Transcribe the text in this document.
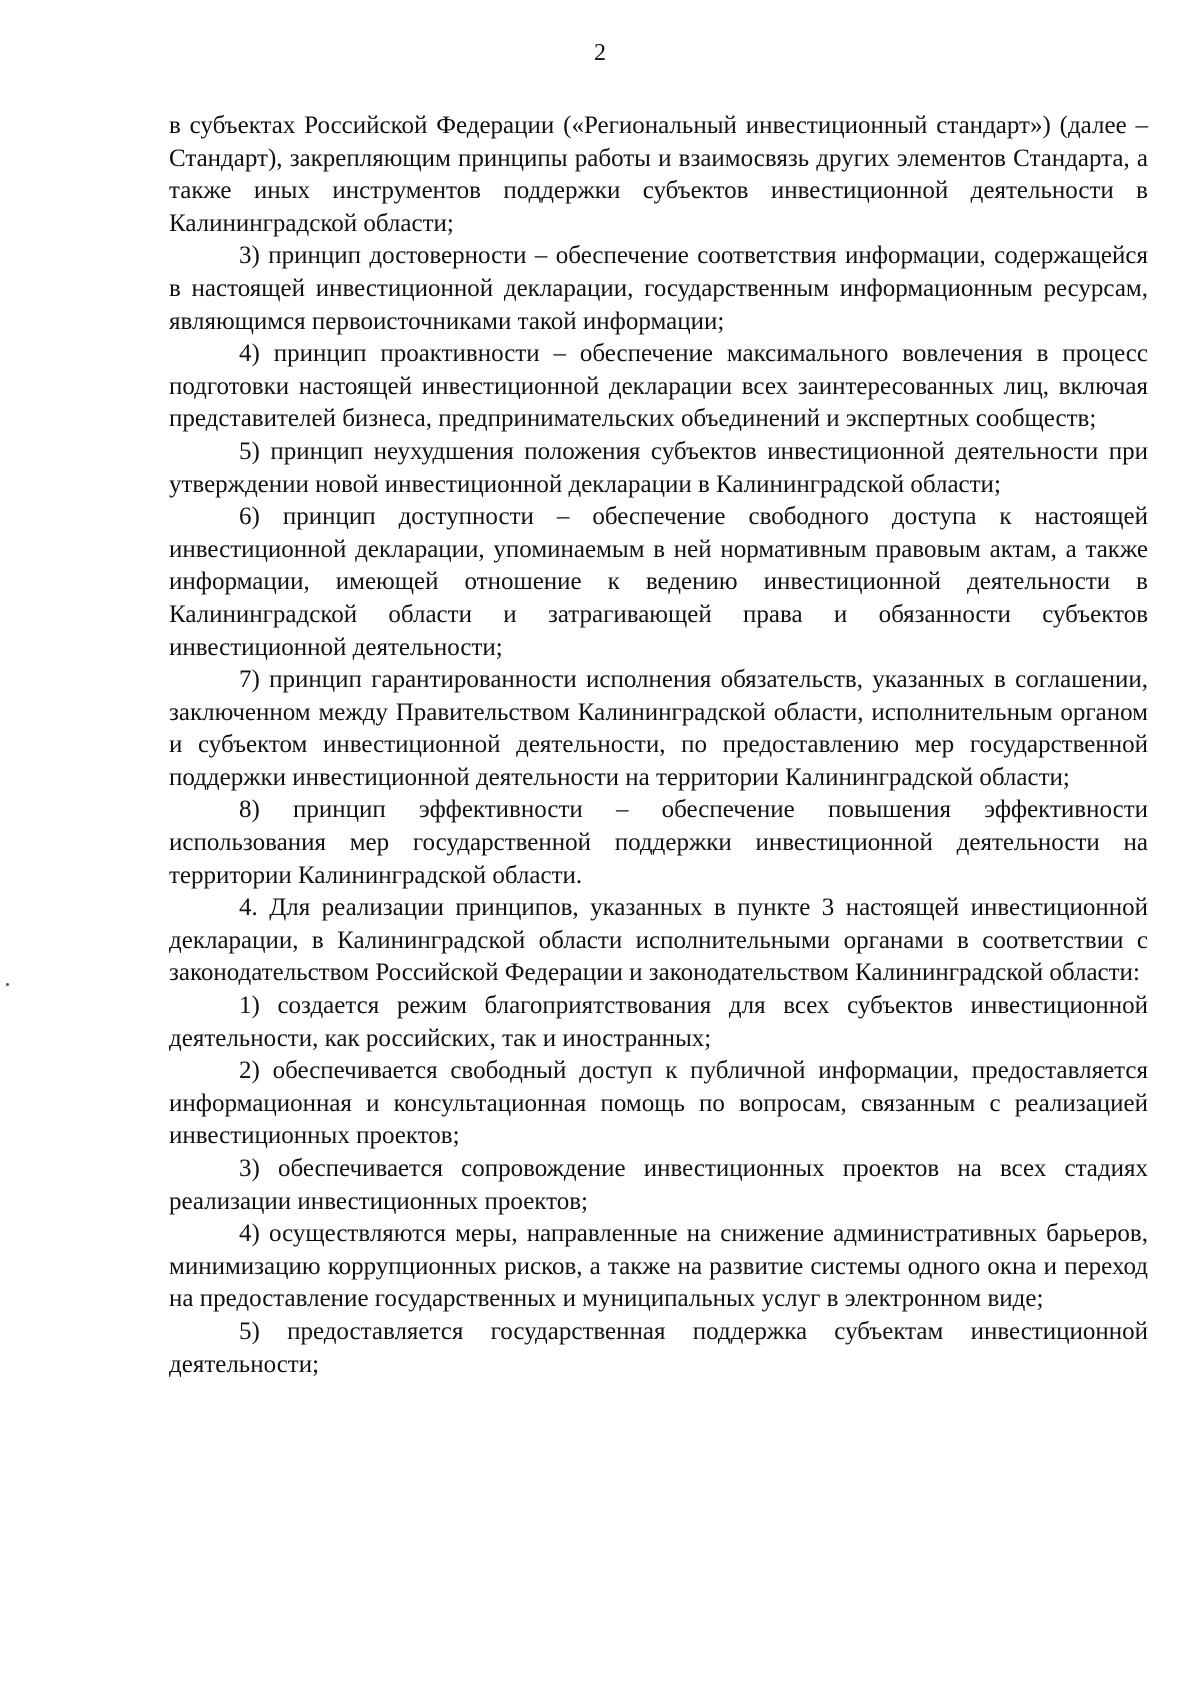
2

в субъектах Российской Федерации («Региональный инвестиционный стандарт») (далее – Стандарт), закрепляющим принципы работы и взаимосвязь других элементов Стандарта, а также иных инструментов поддержки субъектов инвестиционной деятельности в Калининградской области;

3) принцип достоверности – обеспечение соответствия информации, содержащейся в настоящей инвестиционной декларации, государственным информационным ресурсам, являющимся первоисточниками такой информации;

4) принцип проактивности – обеспечение максимального вовлечения в процесс подготовки настоящей инвестиционной декларации всех заинтересованных лиц, включая представителей бизнеса, предпринимательских объединений и экспертных сообществ;

5) принцип неухудшения положения субъектов инвестиционной деятельности при утверждении новой инвестиционной декларации в Калининградской области;

6) принцип доступности – обеспечение свободного доступа к настоящей инвестиционной декларации, упоминаемым в ней нормативным правовым актам, а также информации, имеющей отношение к ведению инвестиционной деятельности в Калининградской области и затрагивающей права и обязанности субъектов инвестиционной деятельности;

7) принцип гарантированности исполнения обязательств, указанных в соглашении, заключенном между Правительством Калининградской области, исполнительным органом и субъектом инвестиционной деятельности, по предоставлению мер государственной поддержки инвестиционной деятельности на территории Калининградской области;

8) принцип эффективности – обеспечение повышения эффективности использования мер государственной поддержки инвестиционной деятельности на территории Калининградской области.

4. Для реализации принципов, указанных в пункте 3 настоящей инвестиционной декларации, в Калининградской области исполнительными органами в соответствии с законодательством Российской Федерации и законодательством Калининградской области:

1) создается режим благоприятствования для всех субъектов инвестиционной деятельности, как российских, так и иностранных;

2) обеспечивается свободный доступ к публичной информации, предоставляется информационная и консультационная помощь по вопросам, связанным с реализацией инвестиционных проектов;

3) обеспечивается сопровождение инвестиционных проектов на всех стадиях реализации инвестиционных проектов;

4) осуществляются меры, направленные на снижение административных барьеров, минимизацию коррупционных рисков, а также на развитие системы одного окна и переход на предоставление государственных и муниципальных услуг в электронном виде;

5) предоставляется государственная поддержка субъектам инвестиционной деятельности;
